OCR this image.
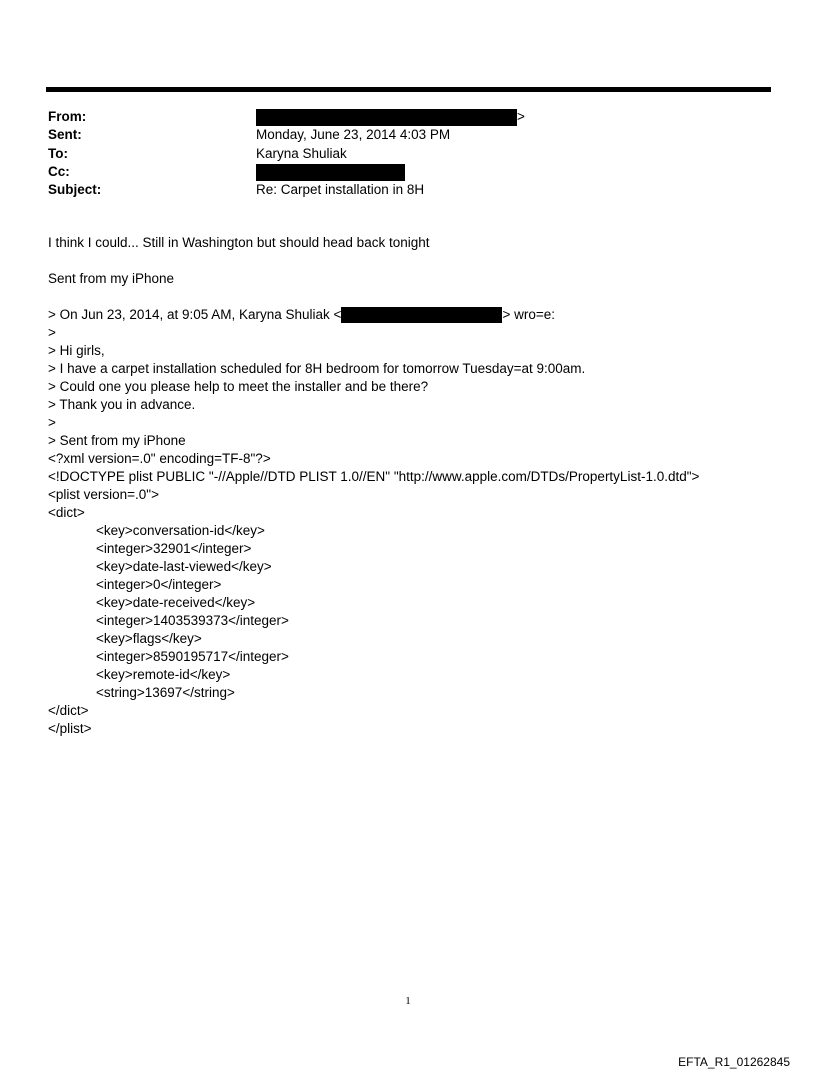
From:	>
Sent:	Monday, June 23, 2014 4:03 PM
To:	Karyna Shuliak
Cc:
Subject:	Re: Carpet installation in 8H
I think I could... Still in Washington but should head back tonight
Sent from my iPhone
> On Jun 23, 2014, at 9:05 AM, Karyna Shuliak <	> wro=e:
>
> Hi girls,
> I have a carpet installation scheduled for 8H bedroom for tomorrow Tuesday=at 9:00am.
> Could one you please help to meet the installer and be there?
> Thank you in advance.
>
> Sent from my iPhone
<?xml version=.0" encoding=TF-8"?>
<!DOCTYPE plist PUBLIC "-//Apple//DTD PLIST 1.0//EN" "http://www.apple.com/DTDs/PropertyList-1.0.dtd">
<plist version=.0">
<dict>
<key>conversation-id</key>
<integer>32901</integer>
<key>date-last-viewed</key>
<integer>0</integer>
<key>date-received</key>
<integer>1403539373</integer>
<key>flags</key>
<integer>8590195717</integer>
<key>remote-id</key>
<string>13697</string>
</dict>
</plist>
1
EFTA_R1_01262845
